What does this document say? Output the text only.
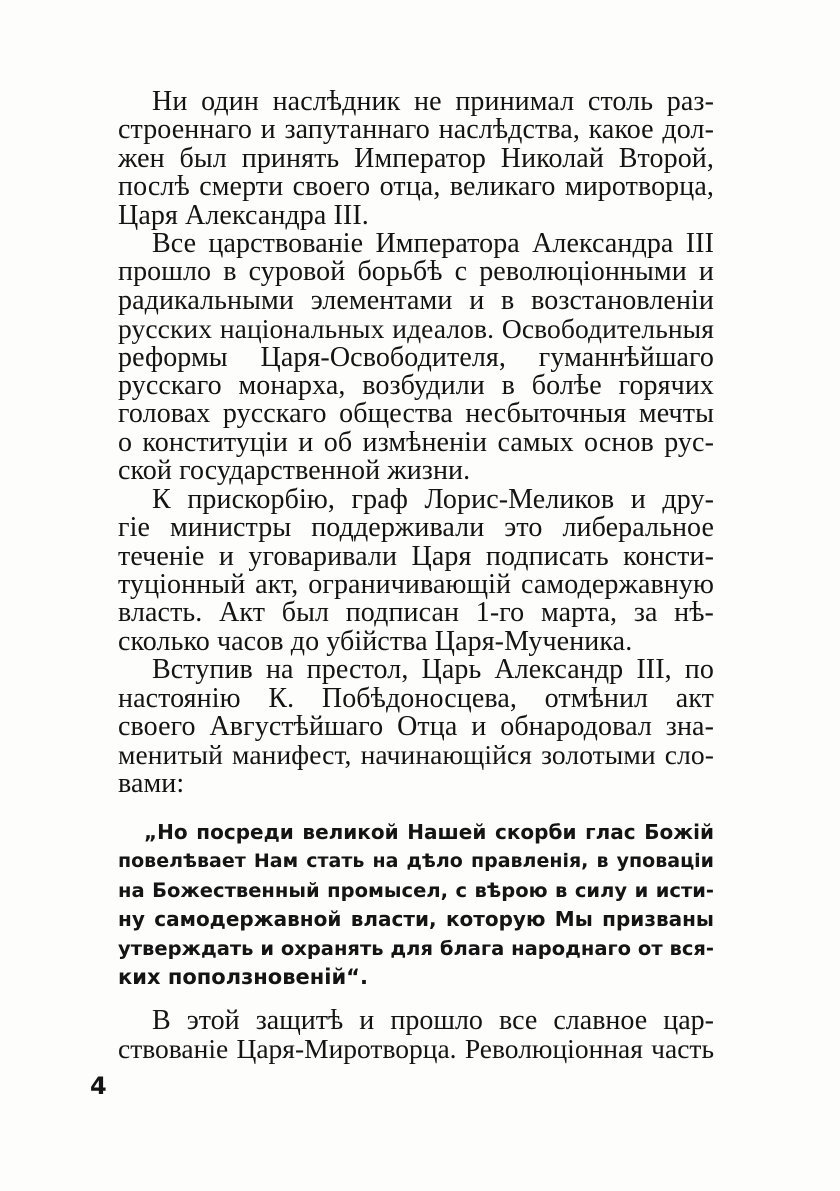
Ни один наслѣдник не принимал столь раз-
строеннаго и запутаннаго наслѣдства, какое дол-
жен был принять Император Николай Второй,
послѣ смерти своего отца, великаго миротворца,
Царя Александра III.
Все царствованіе Императора Александра III
прошло в суровой борьбѣ с революціонными и
радикальными элементами и в возстановленіи
русских національных идеалов. Освободительныя
реформы Царя-Освободителя, гуманнѣйшаго
русскаго монарха, возбудили в болѣе горячих
головах русскаго общества несбыточныя мечты
о конституціи и об измѣненіи самых основ рус-
ской государственной жизни.
К прискорбію, граф Лорис-Меликов и дру-
гіе министры поддерживали это либеральное
теченіе и уговаривали Царя подписать консти-
туціонный акт, ограничивающій самодержавную
власть. Акт был подписан 1-го марта, за нѣ-
сколько часов до убійства Царя-Мученика.
Вступив на престол, Царь Александр III, по
настоянію К. Побѣдоносцева, отмѣнил акт
своего Августѣйшаго Отца и обнародовал зна-
менитый манифест, начинающійся золотыми сло-
вами:
„Но посреди великой Нашей скорби глас Божій
повелѣвает Нам стать на дѣло правленія, в уповаціи
на Божественный промысел, с вѣрою в силу и исти-
ну самодержавной власти, которую Мы призваны
утверждать и охранять для блага народнаго от вся-
ких поползновеній“.
В этой защитѣ и прошло все славное цар-
ствованіе Царя-Миротворца. Революціонная часть
4
